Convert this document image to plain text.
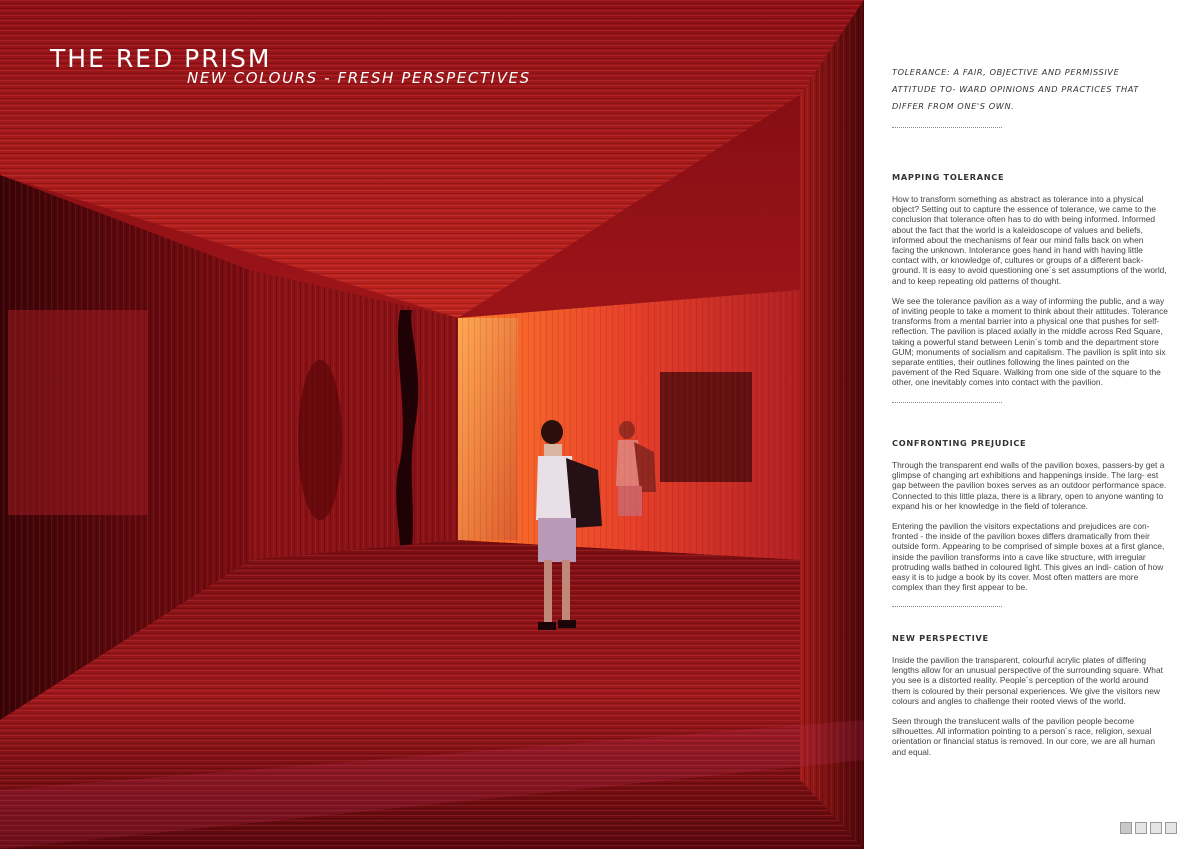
THE RED PRISM
NEW COLOURS - FRESH PERSPECTIVES	TOLERANCE: A FAIR, OBJECTIVE AND PERMISSIVE ATTITUDE TO- WARD OPINIONS AND PRACTICES THAT DIFFER FROM ONE'S OWN.

MAPPING TOLERANCE

How to transform something as abstract as tolerance into a physical object? Setting out to capture the essence of tolerance, we came to the conclusion that tolerance often has to do with being informed. Informed about the fact that the world is a kaleidoscope of values and beliefs, informed about the mechanisms of fear our mind falls back on when facing the unknown. Intolerance goes hand in hand with having little contact with, or knowledge of, cultures or groups of a different back- ground. It is easy to avoid questioning one´s set assumptions of the world, and to keep repeating old patterns of thought.

We see the tolerance pavilion as a way of informing the public, and a way of inviting people to take a moment to think about their attitudes. Tolerance transforms from a mental barrier into a physical one that pushes for self-reflection. The pavilion is placed axially in the middle across Red Square, taking a powerful stand between Lenin´s tomb and the department store GUM; monuments of socialism and capitalism. The pavilion is split into six separate entities, their outlines following the lines painted on the pavement of the Red Square. Walking from one side of the square to the other, one inevitably comes into contact with the pavilion.

CONFRONTING PREJUDICE

Through the transparent end walls of the pavilion boxes, passers-by get a glimpse of changing art exhibitions and happenings inside. The larg- est gap between the pavilion boxes serves as an outdoor performance space. Connected to this little plaza, there is a library, open to anyone wanting to expand his or her knowledge in the field of tolerance.

Entering the pavilion the visitors expectations and prejudices are con- fronted - the inside of the pavilion boxes differs dramatically from their outside form. Appearing to be comprised of simple boxes at a first glance, inside the pavilion transforms into a cave like structure, with irregular protruding walls bathed in coloured light. This gives an indi- cation of how easy it is to judge a book by its cover. Most often matters are more complex than they first appear to be.

NEW PERSPECTIVE

Inside the pavilion the transparent, colourful acrylic plates of differing lengths allow for an unusual perspective of the surrounding square. What you see is a distorted reality. People´s perception of the world around them is coloured by their personal experiences. We give the visitors new colours and angles to challenge their rooted views of the world.

Seen through the translucent walls of the pavilion people become silhouettes. All information pointing to a person´s race, religion, sexual orientation or financial status is removed. In our core, we are all human and equal.
